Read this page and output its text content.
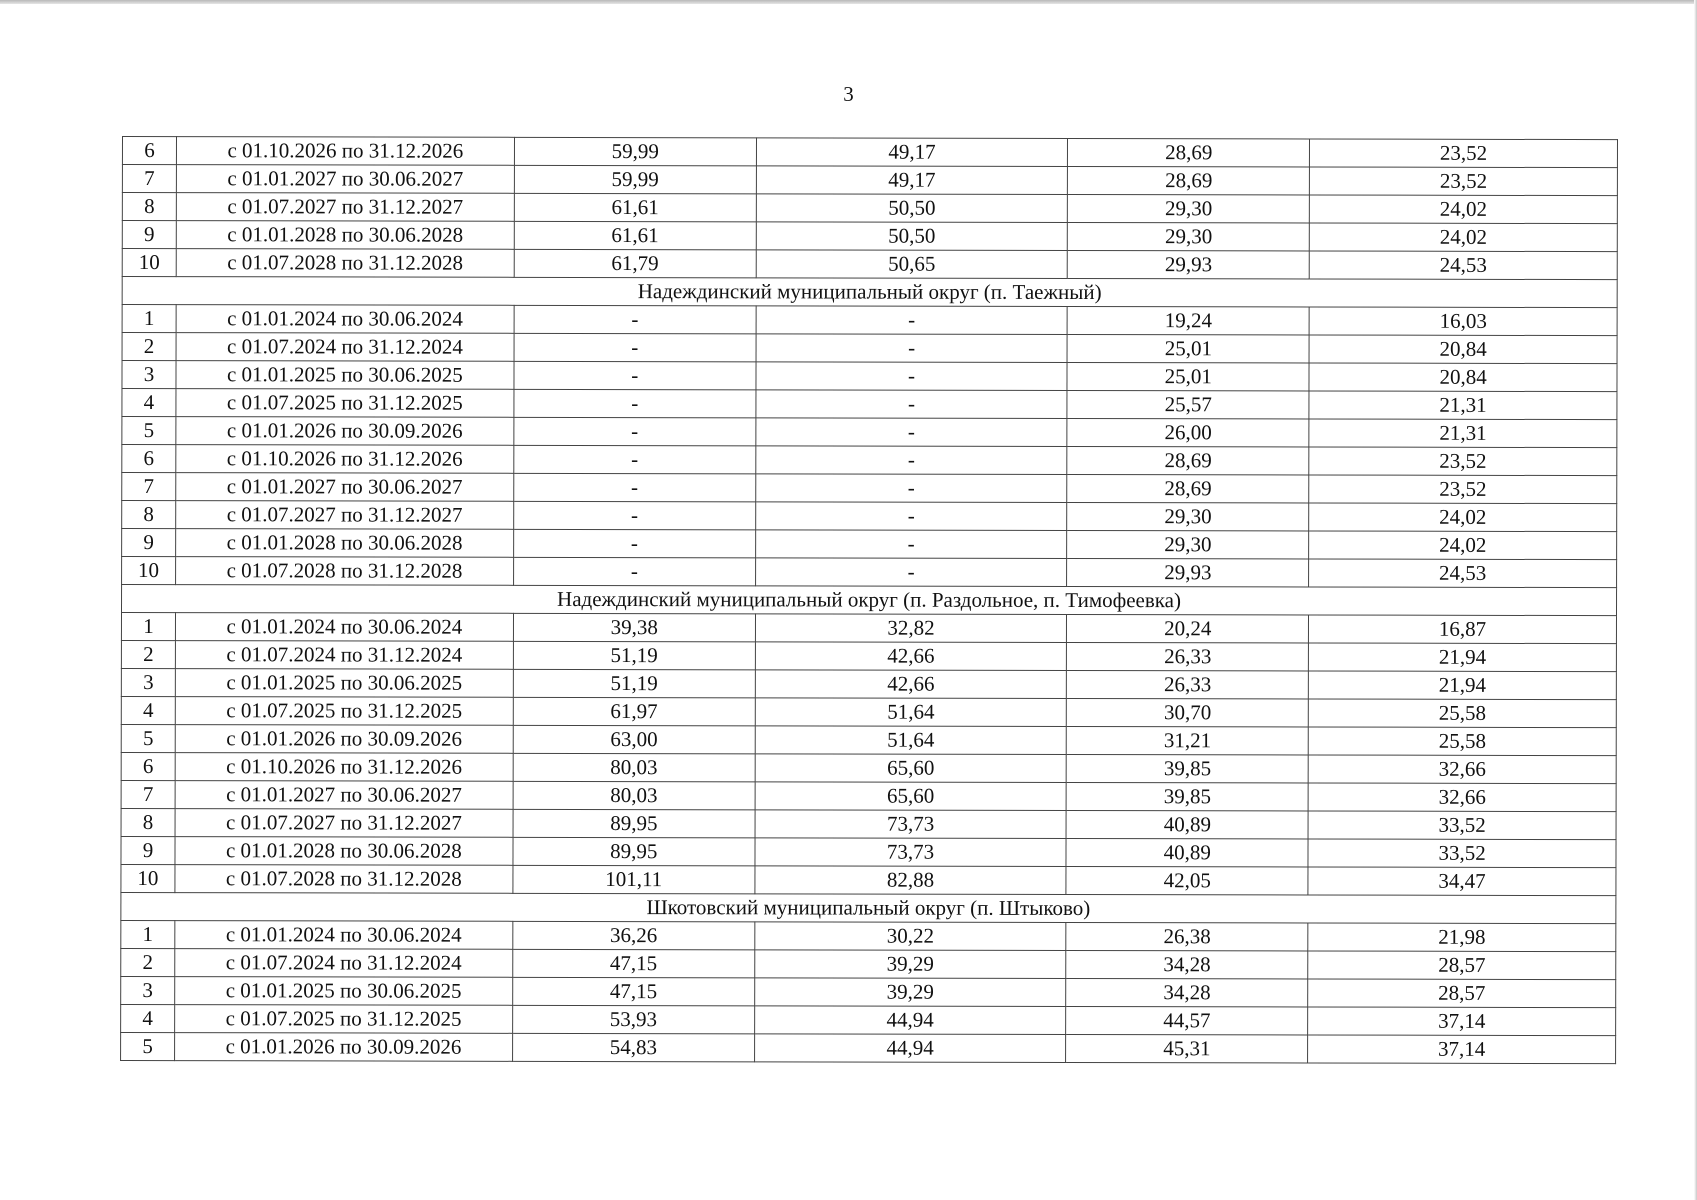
3
6	с 01.10.2026 по 31.12.2026	59,99	49,17	28,69	23,52
7	с 01.01.2027 по 30.06.2027	59,99	49,17	28,69	23,52
8	с 01.07.2027 по 31.12.2027	61,61	50,50	29,30	24,02
9	с 01.01.2028 по 30.06.2028	61,61	50,50	29,30	24,02
10	с 01.07.2028 по 31.12.2028	61,79	50,65	29,93	24,53
Надеждинский муниципальный округ (п. Таежный)					
1	с 01.01.2024 по 30.06.2024	-	-	19,24	16,03
2	с 01.07.2024 по 31.12.2024	-	-	25,01	20,84
3	с 01.01.2025 по 30.06.2025	-	-	25,01	20,84
4	с 01.07.2025 по 31.12.2025	-	-	25,57	21,31
5	с 01.01.2026 по 30.09.2026	-	-	26,00	21,31
6	с 01.10.2026 по 31.12.2026	-	-	28,69	23,52
7	с 01.01.2027 по 30.06.2027	-	-	28,69	23,52
8	с 01.07.2027 по 31.12.2027	-	-	29,30	24,02
9	с 01.01.2028 по 30.06.2028	-	-	29,30	24,02
10	с 01.07.2028 по 31.12.2028	-	-	29,93	24,53
Надеждинский муниципальный округ (п. Раздольное, п. Тимофеевка)					
1	с 01.01.2024 по 30.06.2024	39,38	32,82	20,24	16,87
2	с 01.07.2024 по 31.12.2024	51,19	42,66	26,33	21,94
3	с 01.01.2025 по 30.06.2025	51,19	42,66	26,33	21,94
4	с 01.07.2025 по 31.12.2025	61,97	51,64	30,70	25,58
5	с 01.01.2026 по 30.09.2026	63,00	51,64	31,21	25,58
6	с 01.10.2026 по 31.12.2026	80,03	65,60	39,85	32,66
7	с 01.01.2027 по 30.06.2027	80,03	65,60	39,85	32,66
8	с 01.07.2027 по 31.12.2027	89,95	73,73	40,89	33,52
9	с 01.01.2028 по 30.06.2028	89,95	73,73	40,89	33,52
10	с 01.07.2028 по 31.12.2028	101,11	82,88	42,05	34,47
Шкотовский муниципальный округ (п. Штыково)					
1	с 01.01.2024 по 30.06.2024	36,26	30,22	26,38	21,98
2	с 01.07.2024 по 31.12.2024	47,15	39,29	34,28	28,57
3	с 01.01.2025 по 30.06.2025	47,15	39,29	34,28	28,57
4	с 01.07.2025 по 31.12.2025	53,93	44,94	44,57	37,14
5	с 01.01.2026 по 30.09.2026	54,83	44,94	45,31	37,14
